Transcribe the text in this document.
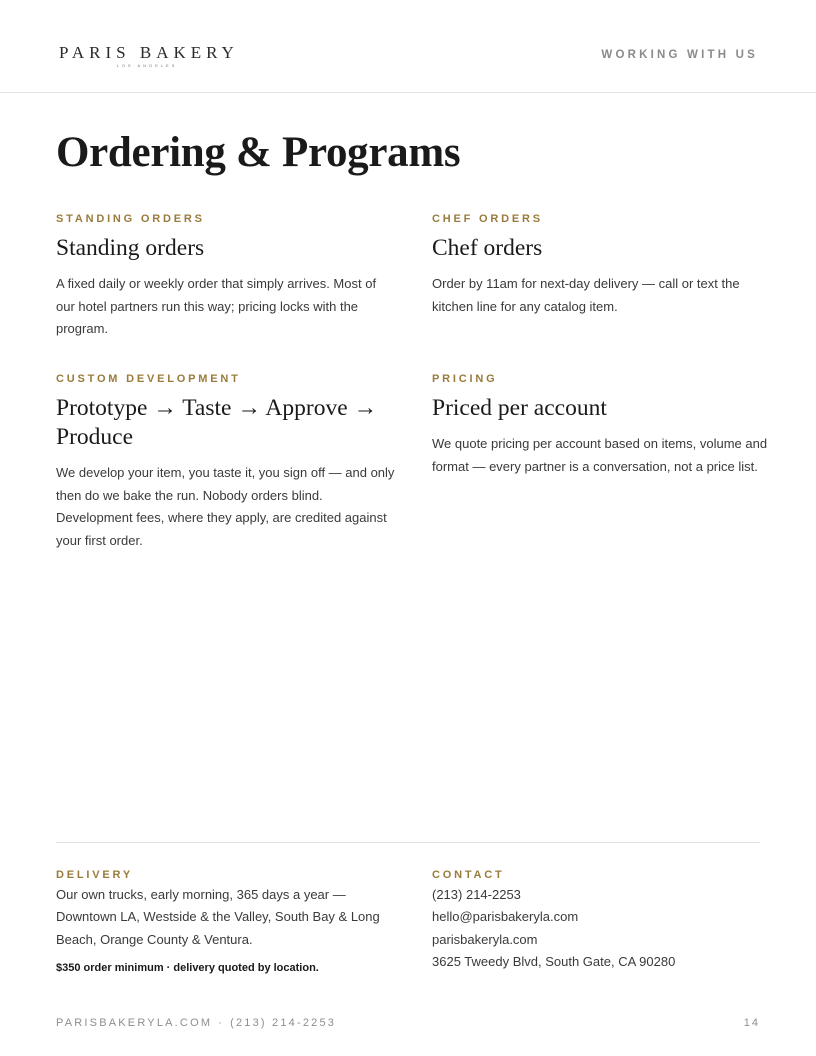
PARIS BAKERY
LOS ANGELES
WORKING WITH US
Ordering & Programs
STANDING ORDERS
Standing orders
A fixed daily or weekly order that simply arrives. Most of our hotel partners run this way; pricing locks with the program.
CHEF ORDERS
Chef orders
Order by 11am for next-day delivery — call or text the kitchen line for any catalog item.
CUSTOM DEVELOPMENT
Prototype → Taste → Approve → Produce
We develop your item, you taste it, you sign off — and only then do we bake the run. Nobody orders blind. Development fees, where they apply, are credited against your first order.
PRICING
Priced per account
We quote pricing per account based on items, volume and format — every partner is a conversation, not a price list.
DELIVERY
Our own trucks, early morning, 365 days a year — Downtown LA, Westside & the Valley, South Bay & Long Beach, Orange County & Ventura.
$350 order minimum · delivery quoted by location.
CONTACT
(213) 214-2253
hello@parisbakeryla.com
parisbakeryla.com
3625 Tweedy Blvd, South Gate, CA 90280
PARISBAKERYLA.COM · (213) 214-2253	14
